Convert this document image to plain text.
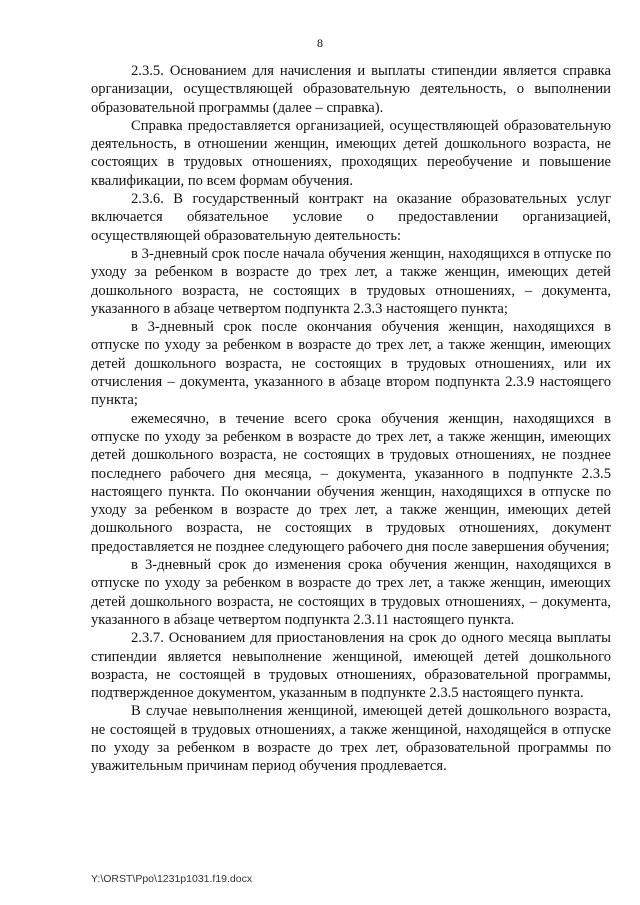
8

2.3.5. Основанием для начисления и выплаты стипендии является справка организации, осуществляющей образовательную деятельность, о выполнении образовательной программы (далее – справка).

Справка предоставляется организацией, осуществляющей образовательную деятельность, в отношении женщин, имеющих детей дошкольного возраста, не состоящих в трудовых отношениях, проходящих переобучение и повышение квалификации, по всем формам обучения.

2.3.6. В государственный контракт на оказание образовательных услуг включается обязательное условие о предоставлении организацией, осуществляющей образовательную деятельность:

в 3-дневный срок после начала обучения женщин, находящихся в отпуске по уходу за ребенком в возрасте до трех лет, а также женщин, имеющих детей дошкольного возраста, не состоящих в трудовых отношениях, – документа, указанного в абзаце четвертом подпункта 2.3.3 настоящего пункта;

в 3-дневный срок после окончания обучения женщин, находящихся в отпуске по уходу за ребенком в возрасте до трех лет, а также женщин, имеющих детей дошкольного возраста, не состоящих в трудовых отношениях, или их отчисления – документа, указанного в абзаце втором подпункта 2.3.9 настоящего пункта;

ежемесячно, в течение всего срока обучения женщин, находящихся в отпуске по уходу за ребенком в возрасте до трех лет, а также женщин, имеющих детей дошкольного возраста, не состоящих в трудовых отношениях, не позднее последнего рабочего дня месяца, – документа, указанного в подпункте 2.3.5 настоящего пункта. По окончании обучения женщин, находящихся в отпуске по уходу за ребенком в возрасте до трех лет, а также женщин, имеющих детей дошкольного возраста, не состоящих в трудовых отношениях, документ предоставляется не позднее следующего рабочего дня после завершения обучения;

в 3-дневный срок до изменения срока обучения женщин, находящихся в отпуске по уходу за ребенком в возрасте до трех лет, а также женщин, имеющих детей дошкольного возраста, не состоящих в трудовых отношениях, – документа, указанного в абзаце четвертом подпункта 2.3.11 настоящего пункта.

2.3.7. Основанием для приостановления на срок до одного месяца выплаты стипендии является невыполнение женщиной, имеющей детей дошкольного возраста, не состоящей в трудовых отношениях, образовательной программы, подтвержденное документом, указанным в подпункте 2.3.5 настоящего пункта.

В случае невыполнения женщиной, имеющей детей дошкольного возраста, не состоящей в трудовых отношениях, а также женщиной, находящейся в отпуске по уходу за ребенком в возрасте до трех лет, образовательной программы по уважительным причинам период обучения продлевается.

Y:\ORST\Ppo\1231p1031.f19.docx
